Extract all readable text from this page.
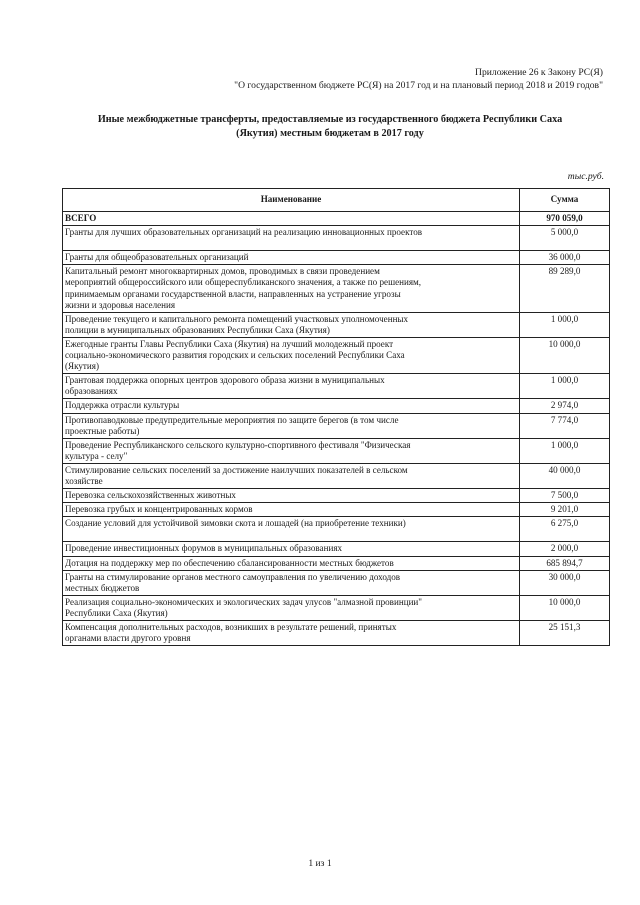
Приложение 26 к Закону РС(Я)
"О государственном бюджете РС(Я) на 2017 год и на плановый период 2018 и 2019 годов"
Иные межбюджетные трансферты, предоставляемые из государственного бюджета Республики Саха
(Якутия) местным бюджетам в 2017 году
тыс.руб.
Наименование	Сумма
ВСЕГО	970 059,0

Гранты для лучших образовательных организаций на реализацию инновационных проектов	5 000,0

Гранты для общеобразовательных организаций	36 000,0

Капитальный ремонт многоквартирных домов, проводимых в связи проведением
мероприятий общероссийского или общереспубликанского значения, а также по решениям,
принимаемым органами государственной власти, направленных на устранение угрозы
жизни и здоровья населения	89 289,0

Проведение текущего и капитального ремонта помещений участковых уполномоченных
полиции в муниципальных образованиях Республики Саха (Якутия)	1 000,0

Ежегодные гранты Главы Республики Саха (Якутия) на лучший молодежный проект
социально-экономического развития городских и сельских поселений Республики Саха
(Якутия)	10 000,0

Грантовая поддержка опорных центров здорового образа жизни в муниципальных
образованиях	1 000,0

Поддержка отрасли культуры	2 974,0

Противопаводковые предупредительные мероприятия по защите берегов (в том числе
проектные работы)	7 774,0

Проведение Республиканского сельского культурно-спортивного фестиваля "Физическая
культура - селу"	1 000,0

Стимулирование сельских поселений за достижение наилучших показателей в сельском
хозяйстве	40 000,0

Перевозка сельскохозяйственных животных	7 500,0

Перевозка грубых и концентрированных кормов	9 201,0

Создание условий для устойчивой зимовки скота и лошадей (на приобретение техники)	6 275,0

Проведение инвестиционных форумов в муниципальных образованиях	2 000,0

Дотация на поддержку мер по обеспечению сбалансированности местных бюджетов	685 894,7

Гранты на стимулирование органов местного самоуправления по увеличению доходов
местных бюджетов	30 000,0

Реализация социально-экономических и экологических задач улусов "алмазной провинции"
Республики Саха (Якутия)	10 000,0

Компенсация дополнительных расходов, возникших в результате решений, принятых
органами власти другого уровня	25 151,3
1 из 1
